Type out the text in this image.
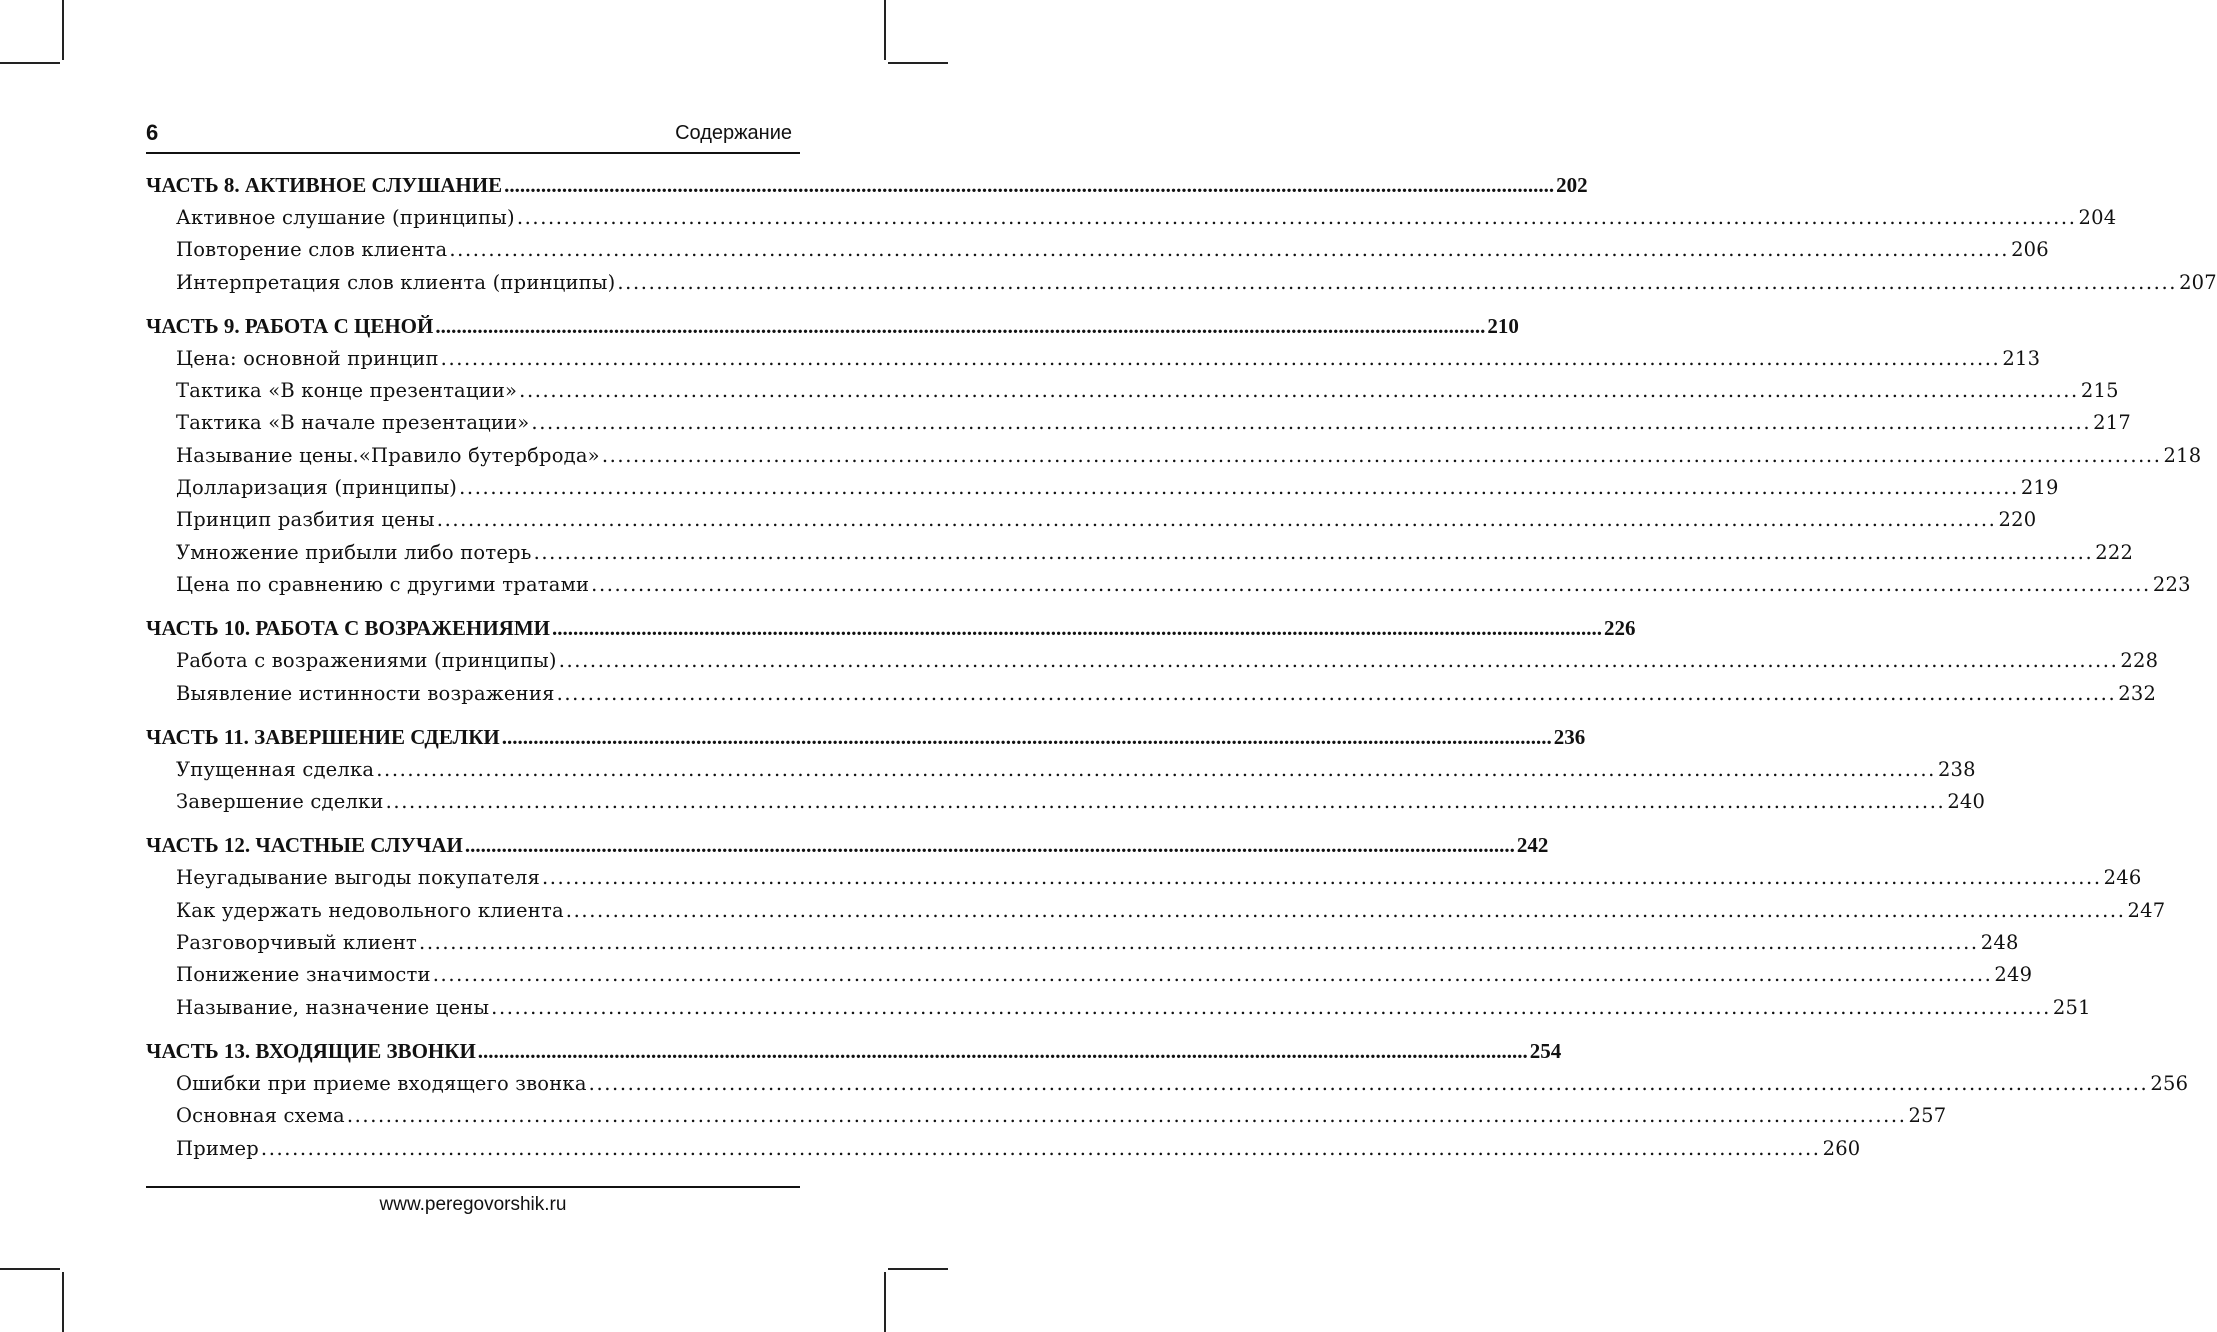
6	Содержание
ЧАСТЬ 8. АКТИВНОЕ СЛУШАНИЕ ........................................................................................................................................................................................................ 202
Активное слушание (принципы) ........................................................................................................................................................................................................ 204
Повторение слов клиента ........................................................................................................................................................................................................ 206
Интерпретация слов клиента (принципы) ........................................................................................................................................................................................................ 207
ЧАСТЬ 9. РАБОТА С ЦЕНОЙ ........................................................................................................................................................................................................ 210
Цена: основной принцип ........................................................................................................................................................................................................ 213
Тактика «В конце презентации» ........................................................................................................................................................................................................ 215
Тактика «В начале презентации» ........................................................................................................................................................................................................ 217
Называние цены.«Правило бутерброда» ........................................................................................................................................................................................................ 218
Долларизация (принципы) ........................................................................................................................................................................................................ 219
Принцип разбития цены ........................................................................................................................................................................................................ 220
Умножение прибыли либо потерь ........................................................................................................................................................................................................ 222
Цена по сравнению с другими тратами ........................................................................................................................................................................................................ 223
ЧАСТЬ 10. РАБОТА С ВОЗРАЖЕНИЯМИ ........................................................................................................................................................................................................ 226
Работа с возражениями (принципы) ........................................................................................................................................................................................................ 228
Выявление истинности возражения ........................................................................................................................................................................................................ 232
ЧАСТЬ 11. ЗАВЕРШЕНИЕ СДЕЛКИ ........................................................................................................................................................................................................ 236
Упущенная сделка ........................................................................................................................................................................................................ 238
Завершение сделки ........................................................................................................................................................................................................ 240
ЧАСТЬ 12. ЧАСТНЫЕ СЛУЧАИ ........................................................................................................................................................................................................ 242
Неугадывание выгоды покупателя ........................................................................................................................................................................................................ 246
Как удержать недовольного клиента ........................................................................................................................................................................................................ 247
Разговорчивый клиент ........................................................................................................................................................................................................ 248
Понижение значимости ........................................................................................................................................................................................................ 249
Называние, назначение цены ........................................................................................................................................................................................................ 251
ЧАСТЬ 13. ВХОДЯЩИЕ ЗВОНКИ ........................................................................................................................................................................................................ 254
Ошибки при приеме входящего звонка ........................................................................................................................................................................................................ 256
Основная схема ........................................................................................................................................................................................................ 257
Пример ........................................................................................................................................................................................................ 260
www.peregovorshik.ru
